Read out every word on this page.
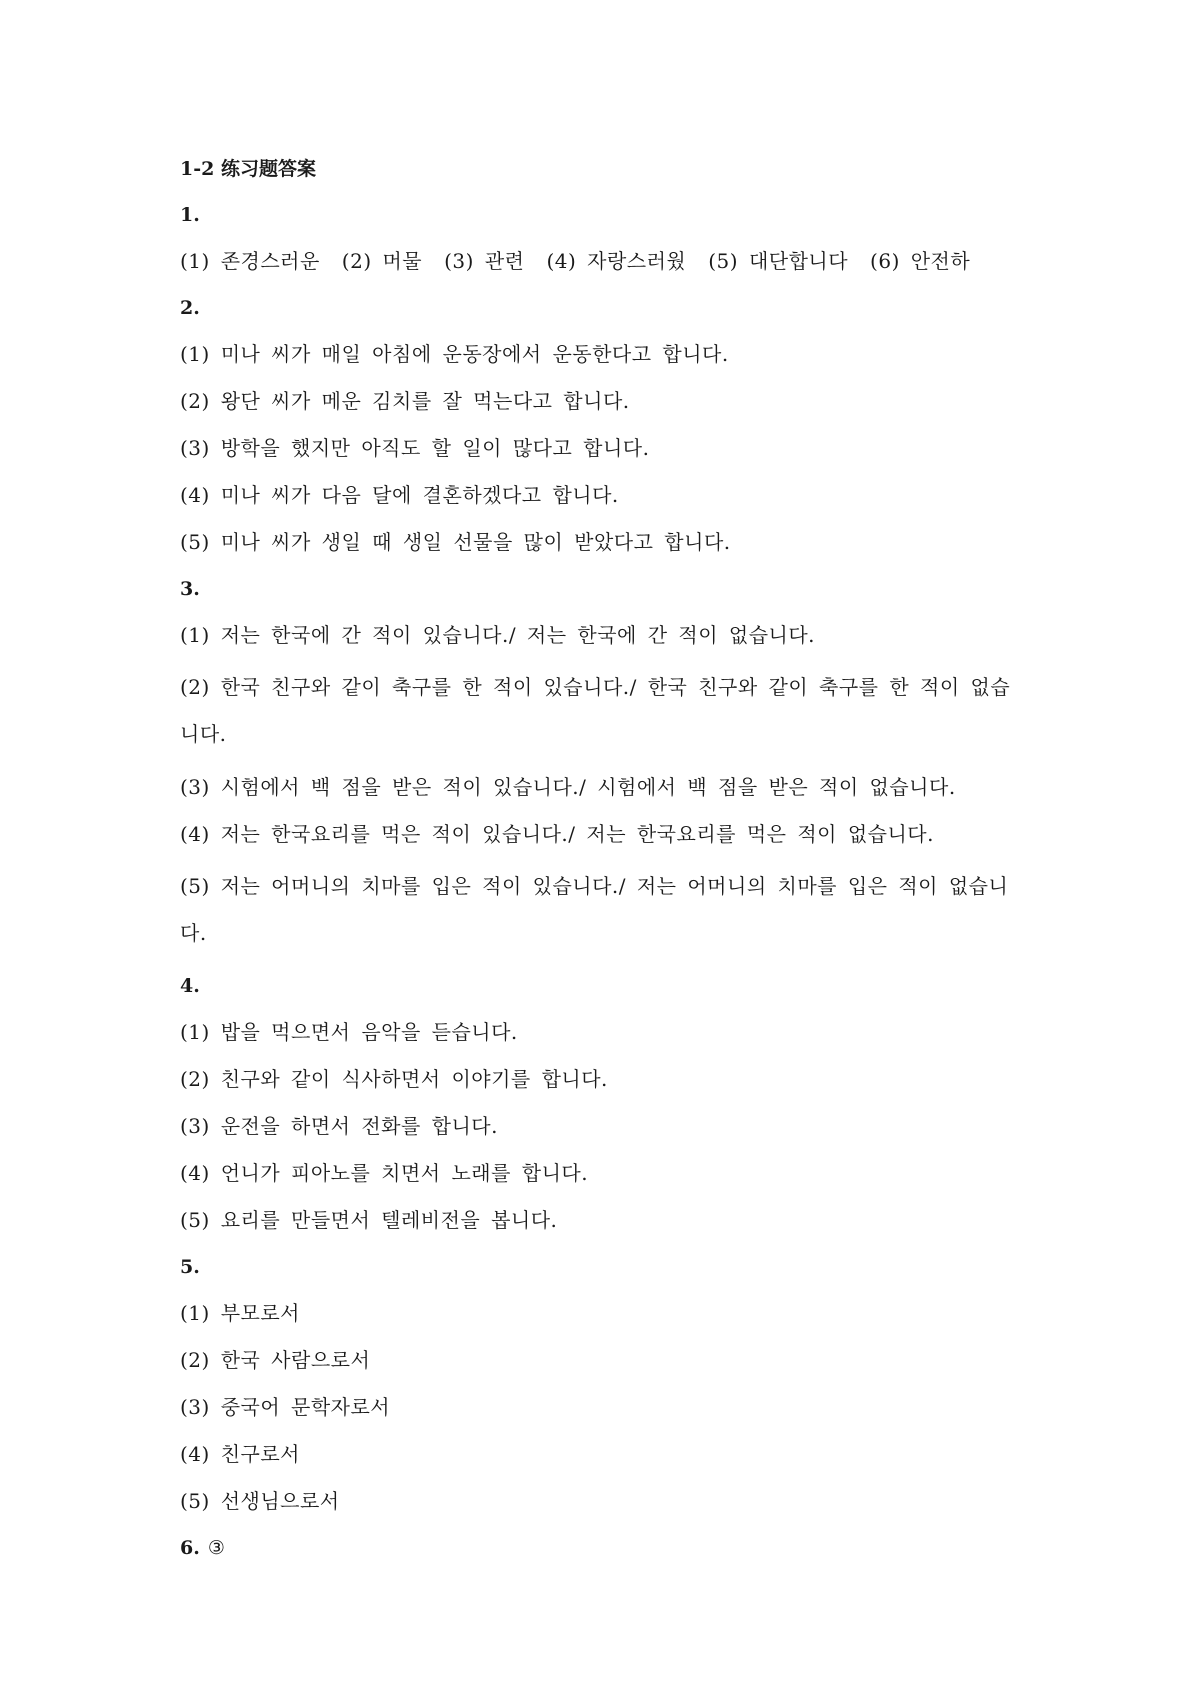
1-2 练习题答案
1.
(1) 존경스러운 (2) 머물 (3) 관련 (4) 자랑스러웠 (5) 대단합니다 (6) 안전하
2.
(1) 미나 씨가 매일 아침에 운동장에서 운동한다고 합니다.
(2) 왕단 씨가 메운 김치를 잘 먹는다고 합니다.
(3) 방학을 했지만 아직도 할 일이 많다고 합니다.
(4) 미나 씨가 다음 달에 결혼하겠다고 합니다.
(5) 미나 씨가 생일 때 생일 선물을 많이 받았다고 합니다.
3.
(1) 저는 한국에 간 적이 있습니다./ 저는 한국에 간 적이 없습니다.
(2) 한국 친구와 같이 축구를 한 적이 있습니다./ 한국 친구와 같이 축구를 한 적이 없습니다.
(3) 시험에서 백 점을 받은 적이 있습니다./ 시험에서 백 점을 받은 적이 없습니다.
(4) 저는 한국요리를 먹은 적이 있습니다./ 저는 한국요리를 먹은 적이 없습니다.
(5) 저는 어머니의 치마를 입은 적이 있습니다./ 저는 어머니의 치마를 입은 적이 없습니다.
4.
(1) 밥을 먹으면서 음악을 듣습니다.
(2) 친구와 같이 식사하면서 이야기를 합니다.
(3) 운전을 하면서 전화를 합니다.
(4) 언니가 피아노를 치면서 노래를 합니다.
(5) 요리를 만들면서 텔레비전을 봅니다.
5.
(1) 부모로서
(2) 한국 사람으로서
(3) 중국어 문학자로서
(4) 친구로서
(5) 선생님으로서
6. ③
